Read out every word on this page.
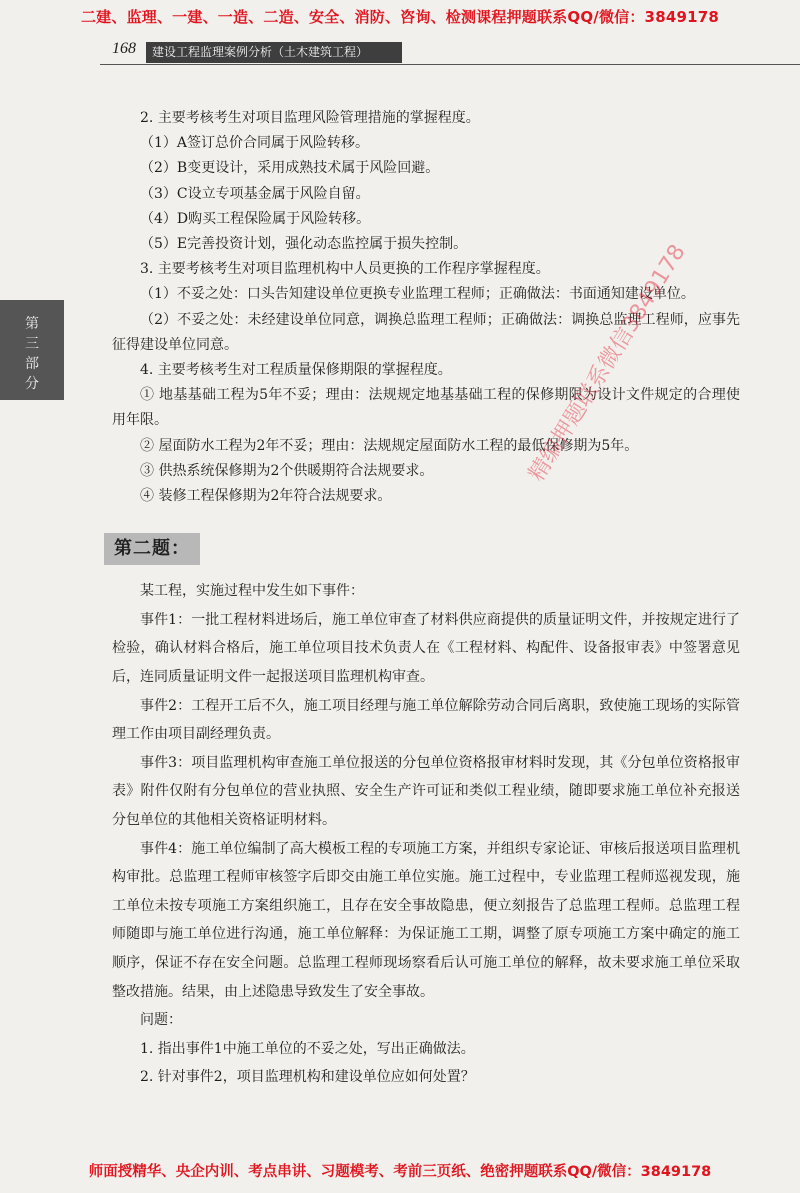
二建、监理、一建、一造、二造、安全、消防、咨询、检测课程押题联系QQ/微信：3849178
168	建设工程监理案例分析（土木建筑工程）
第
三
部
分

2. 主要考核考生对项目监理风险管理措施的掌握程度。

（1）A签订总价合同属于风险转移。

（2）B变更设计，采用成熟技术属于风险回避。

（3）C设立专项基金属于风险自留。

（4）D购买工程保险属于风险转移。

（5）E完善投资计划，强化动态监控属于损失控制。

3. 主要考核考生对项目监理机构中人员更换的工作程序掌握程度。

（1）不妥之处：口头告知建设单位更换专业监理工程师；正确做法：书面通知建设单位。

（2）不妥之处：未经建设单位同意，调换总监理工程师；正确做法：调换总监理工程师，应事先征得建设单位同意。

4. 主要考核考生对工程质量保修期限的掌握程度。

① 地基基础工程为5年不妥；理由：法规规定地基基础工程的保修期限为设计文件规定的合理使用年限。

② 屋面防水工程为2年不妥；理由：法规规定屋面防水工程的最低保修期为5年。

③ 供热系统保修期为2个供暖期符合法规要求。

④ 装修工程保修期为2年符合法规要求。

第二题：

某工程，实施过程中发生如下事件：

事件1：一批工程材料进场后，施工单位审查了材料供应商提供的质量证明文件，并按规定进行了检验，确认材料合格后，施工单位项目技术负责人在《工程材料、构配件、设备报审表》中签署意见后，连同质量证明文件一起报送项目监理机构审查。

事件2：工程开工后不久，施工项目经理与施工单位解除劳动合同后离职，致使施工现场的实际管理工作由项目副经理负责。

事件3：项目监理机构审查施工单位报送的分包单位资格报审材料时发现，其《分包单位资格报审表》附件仅附有分包单位的营业执照、安全生产许可证和类似工程业绩，随即要求施工单位补充报送分包单位的其他相关资格证明材料。

事件4：施工单位编制了高大模板工程的专项施工方案，并组织专家论证、审核后报送项目监理机构审批。总监理工程师审核签字后即交由施工单位实施。施工过程中，专业监理工程师巡视发现，施工单位未按专项施工方案组织施工，且存在安全事故隐患，便立刻报告了总监理工程师。总监理工程师随即与施工单位进行沟通，施工单位解释：为保证施工工期，调整了原专项施工方案中确定的施工顺序，保证不存在安全问题。总监理工程师现场察看后认可施工单位的解释，故未要求施工单位采取整改措施。结果，由上述隐患导致发生了安全事故。

问题：

1. 指出事件1中施工单位的不妥之处，写出正确做法。

2. 针对事件2，项目监理机构和建设单位应如何处置？

精编押题联系微信3849178
师面授精华、央企内训、考点串讲、习题模考、考前三页纸、绝密押题联系QQ/微信：3849178
